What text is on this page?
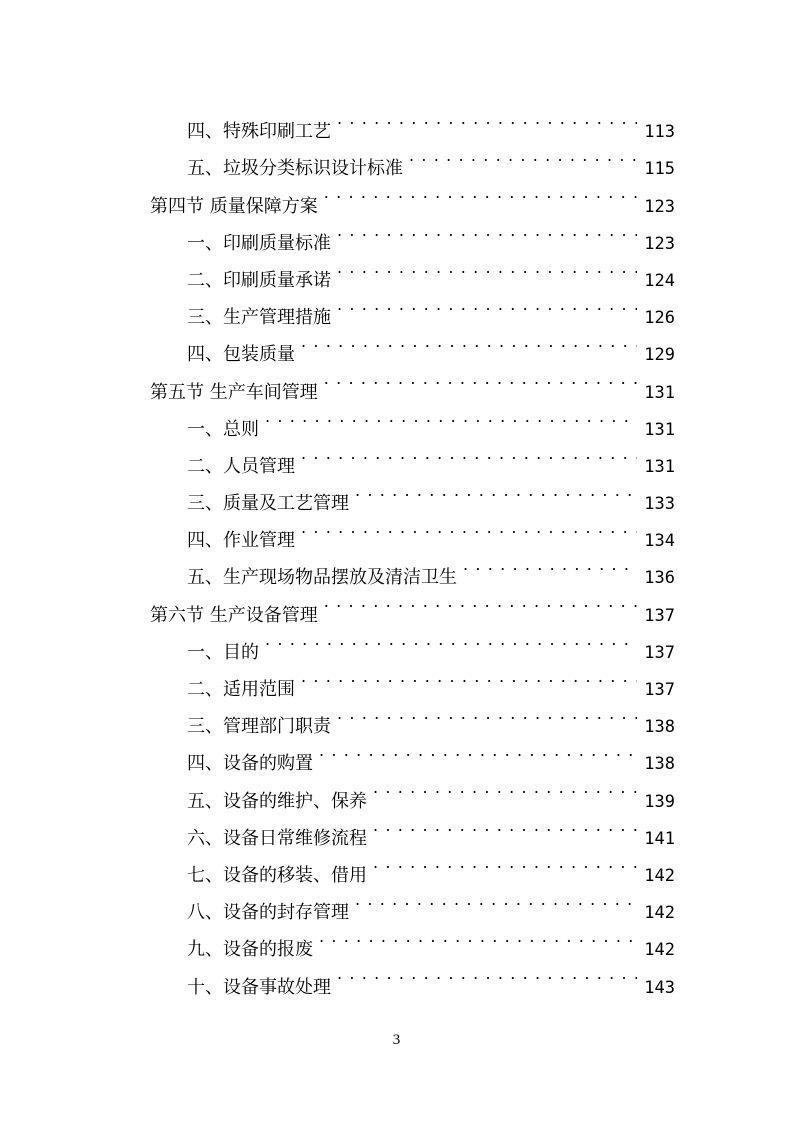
四、特殊印刷工艺 . . .	113
五、垃圾分类标识设计标准 . . .	115
第四节 质量保障方案 . . .	123
一、印刷质量标准 . . .	123
二、印刷质量承诺 . . .	124
三、生产管理措施 . . .	126
四、包装质量 . . .	129
第五节 生产车间管理 . . .	131
一、总则 . . .	131
二、人员管理 . . .	131
三、质量及工艺管理 . . .	133
四、作业管理 . . .	134
五、生产现场物品摆放及清洁卫生 . . .	136
第六节 生产设备管理 . . .	137
一、目的 . . .	137
二、适用范围 . . .	137
三、管理部门职责 . . .	138
四、设备的购置 . . .	138
五、设备的维护、保养 . . .	139
六、设备日常维修流程 . . .	141
七、设备的移装、借用 . . .	142
八、设备的封存管理 . . .	142
九、设备的报废 . . .	142
十、设备事故处理 . . .	143
3
